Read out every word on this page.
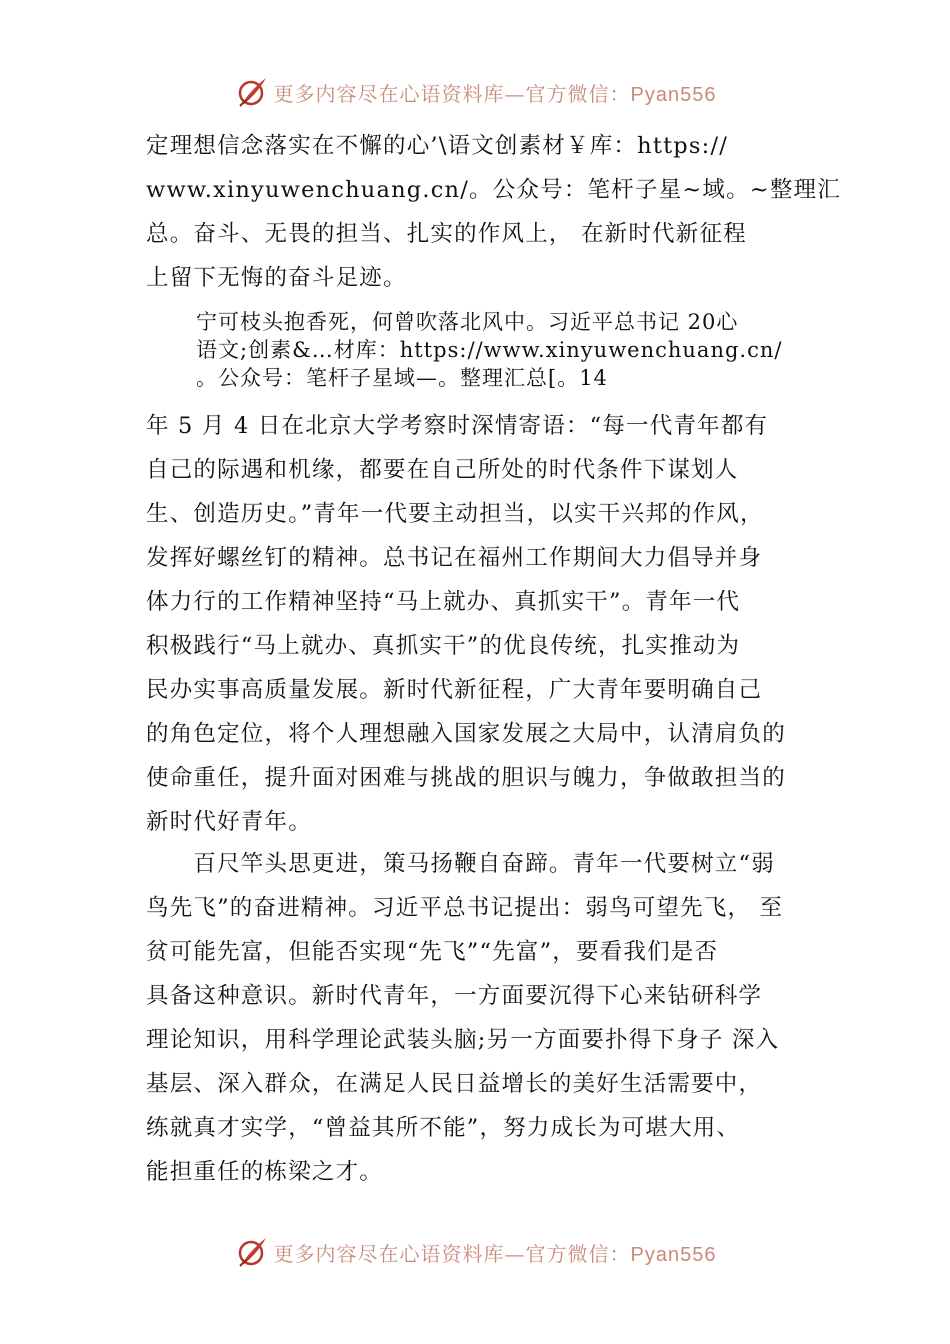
更多内容尽在心语资料库—官方微信：Pyan556
定理想信念落实在不懈的心’\语文创素材￥库：https://
www.xinyuwenchuang.cn/。公众号：笔杆子星~域。~整理汇
总。奋斗、无畏的担当、扎实的作风上， 在新时代新征程
上留下无悔的奋斗足迹。
宁可枝头抱香死，何曾吹落北风中。习近平总书记 20心
语文;创素&…材库：https://www.xinyuwenchuang.cn/
。公众号：笔杆子星域—。整理汇总[。14
年 5 月 4 日在北京大学考察时深情寄语：“每一代青年都有
自己的际遇和机缘，都要在自己所处的时代条件下谋划人
生、创造历史。”青年一代要主动担当，以实干兴邦的作风，
发挥好螺丝钉的精神。总书记在福州工作期间大力倡导并身
体力行的工作精神坚持“马上就办、真抓实干”。青年一代
积极践行“马上就办、真抓实干”的优良传统，扎实推动为
民办实事高质量发展。新时代新征程，广大青年要明确自己
的角色定位，将个人理想融入国家发展之大局中，认清肩负的
使命重任，提升面对困难与挑战的胆识与魄力，争做敢担当的
新时代好青年。
　　百尺竿头思更进，策马扬鞭自奋蹄。青年一代要树立“弱
鸟先飞”的奋进精神。习近平总书记提出：弱鸟可望先飞， 至
贫可能先富，但能否实现“先飞”“先富”，要看我们是否
具备这种意识。新时代青年，一方面要沉得下心来钻研科学
理论知识，用科学理论武装头脑;另一方面要扑得下身子 深入
基层、深入群众，在满足人民日益增长的美好生活需要中，
练就真才实学，“曾益其所不能”，努力成长为可堪大用、
能担重任的栋梁之才。
更多内容尽在心语资料库—官方微信：Pyan556
